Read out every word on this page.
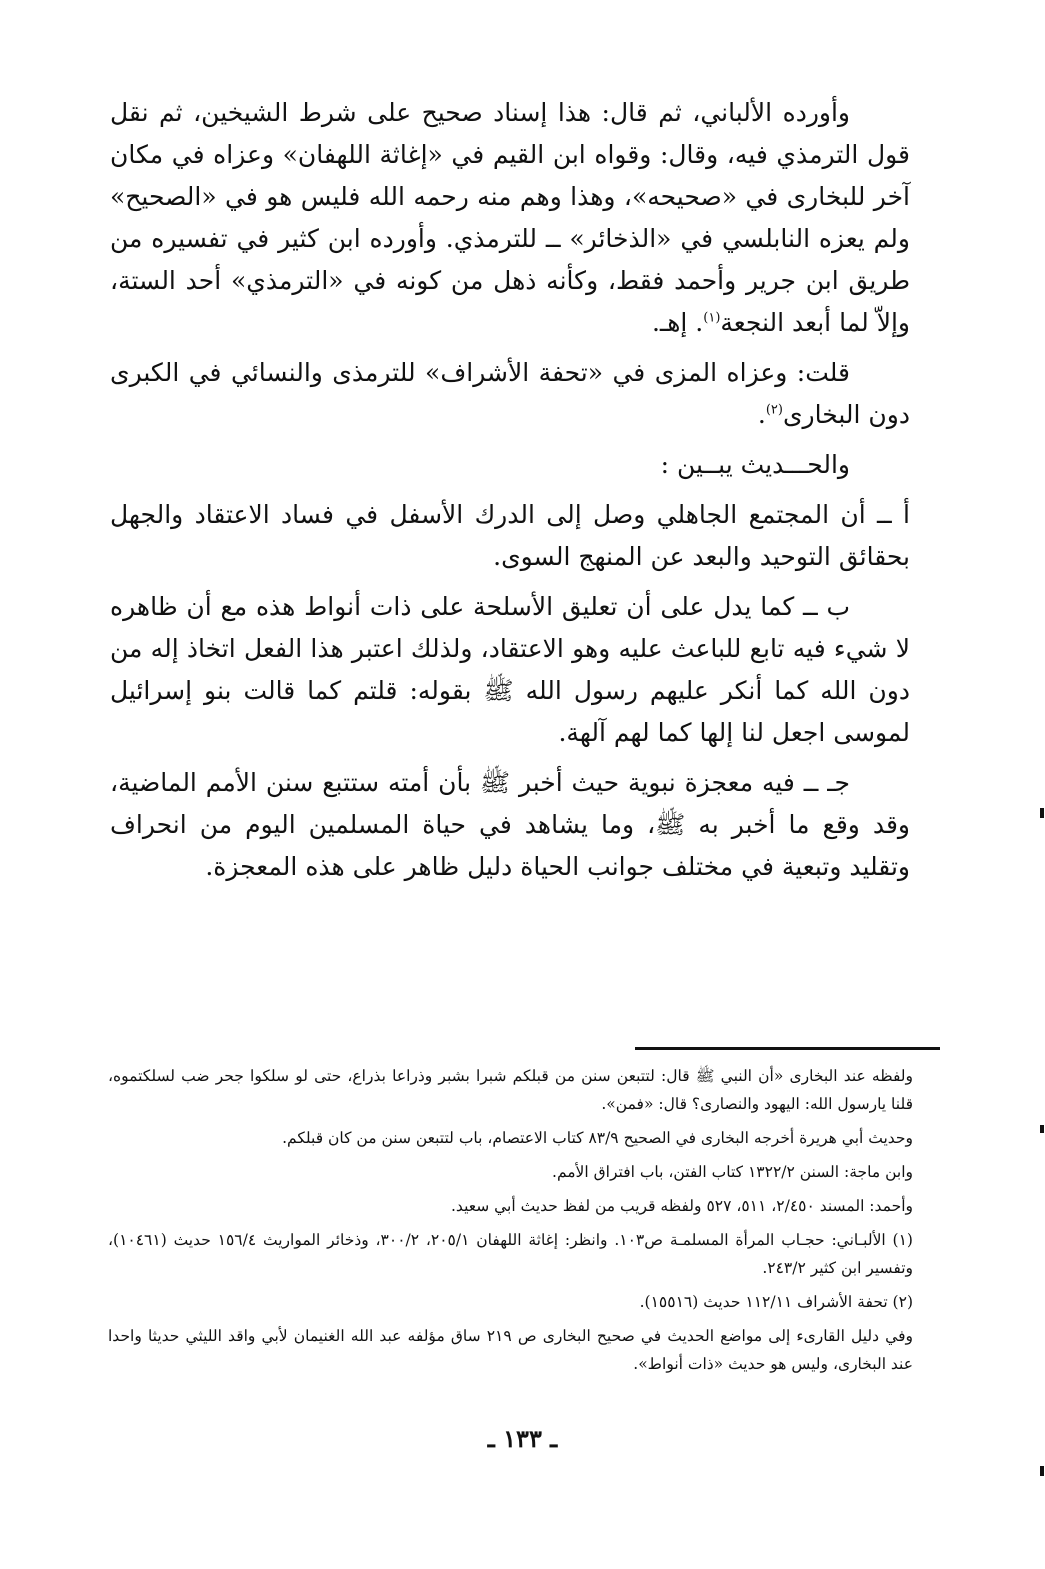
وأورده الألباني، ثم قال: هذا إسناد صحيح على شرط الشيخين، ثم نقل قول الترمذي فيه، وقال: وقواه ابن القيم في «إغاثة اللهفان» وعزاه في مكان آخر للبخارى في «صحيحه»، وهذا وهم منه رحمه الله فليس هو في «الصحيح» ولم يعزه النابلسي في «الذخائر» ــ للترمذي. وأورده ابن كثير في تفسيره من طريق ابن جرير وأحمد فقط، وكأنه ذهل من كونه في «الترمذي» أحد الستة، وإلاّ لما أبعد النجعة$^{(١)}$. إهـ.

قلت: وعزاه المزى في «تحفة الأشراف» للترمذى والنسائي في الكبرى دون البخارى$^{(٢)}$.

والحـــديث يبــين :

أ ــ أن المجتمع الجاهلي وصل إلى الدرك الأسفل في فساد الاعتقاد والجهل بحقائق التوحيد والبعد عن المنهج السوى.

ب ــ كما يدل على أن تعليق الأسلحة على ذات أنواط هذه مع أن ظاهره لا شيء فيه تابع للباعث عليه وهو الاعتقاد، ولذلك اعتبر هذا الفعل اتخاذ إله من دون الله كما أنكر عليهم رسول الله ﷺ بقوله: قلتم كما قالت بنو إسرائيل لموسى اجعل لنا إلها كما لهم آلهة.

جـ ــ فيه معجزة نبوية حيث أخبر ﷺ بأن أمته ستتبع سنن الأمم الماضية، وقد وقع ما أخبر به ﷺ، وما يشاهد في حياة المسلمين اليوم من انحراف وتقليد وتبعية في مختلف جوانب الحياة دليل ظاهر على هذه المعجزة.

ولفظه عند البخارى «أن النبي ﷺ قال: لتتبعن سنن من قبلكم شبرا بشبر وذراعا بذراع، حتى لو سلكوا جحر ضب لسلكتموه، قلنا يارسول الله: اليهود والنصارى؟ قال: «فمن».

وحديث أبي هريرة أخرجه البخارى في الصحيح ٨٣/٩ كتاب الاعتصام، باب لتتبعن سنن من كان قبلكم.

وابن ماجة: السنن ١٣٢٢/٢ كتاب الفتن، باب افتراق الأمم.

وأحمد: المسند ٢/٤٥٠، ٥١١، ٥٢٧ ولفظه قريب من لفظ حديث أبي سعيد.

(١) الألبـاني: حجـاب المرأة المسلمـة ص١٠٣. وانظر: إغاثة اللهفان ٢٠٥/١، ٣٠٠/٢، وذخائر المواريث ١٥٦/٤ حديث (١٠٤٦١)، وتفسير ابن كثير ٢٤٣/٢.

(٢) تحفة الأشراف ١١٢/١١ حديث (١٥٥١٦).

وفي دليل القارىء إلى مواضع الحديث في صحيح البخارى ص ٢١٩ ساق مؤلفه عبد الله الغنيمان لأبي واقد الليثي حديثا واحدا عند البخارى، وليس هو حديث «ذات أنواط».

ـ ١٣٣ ـ
